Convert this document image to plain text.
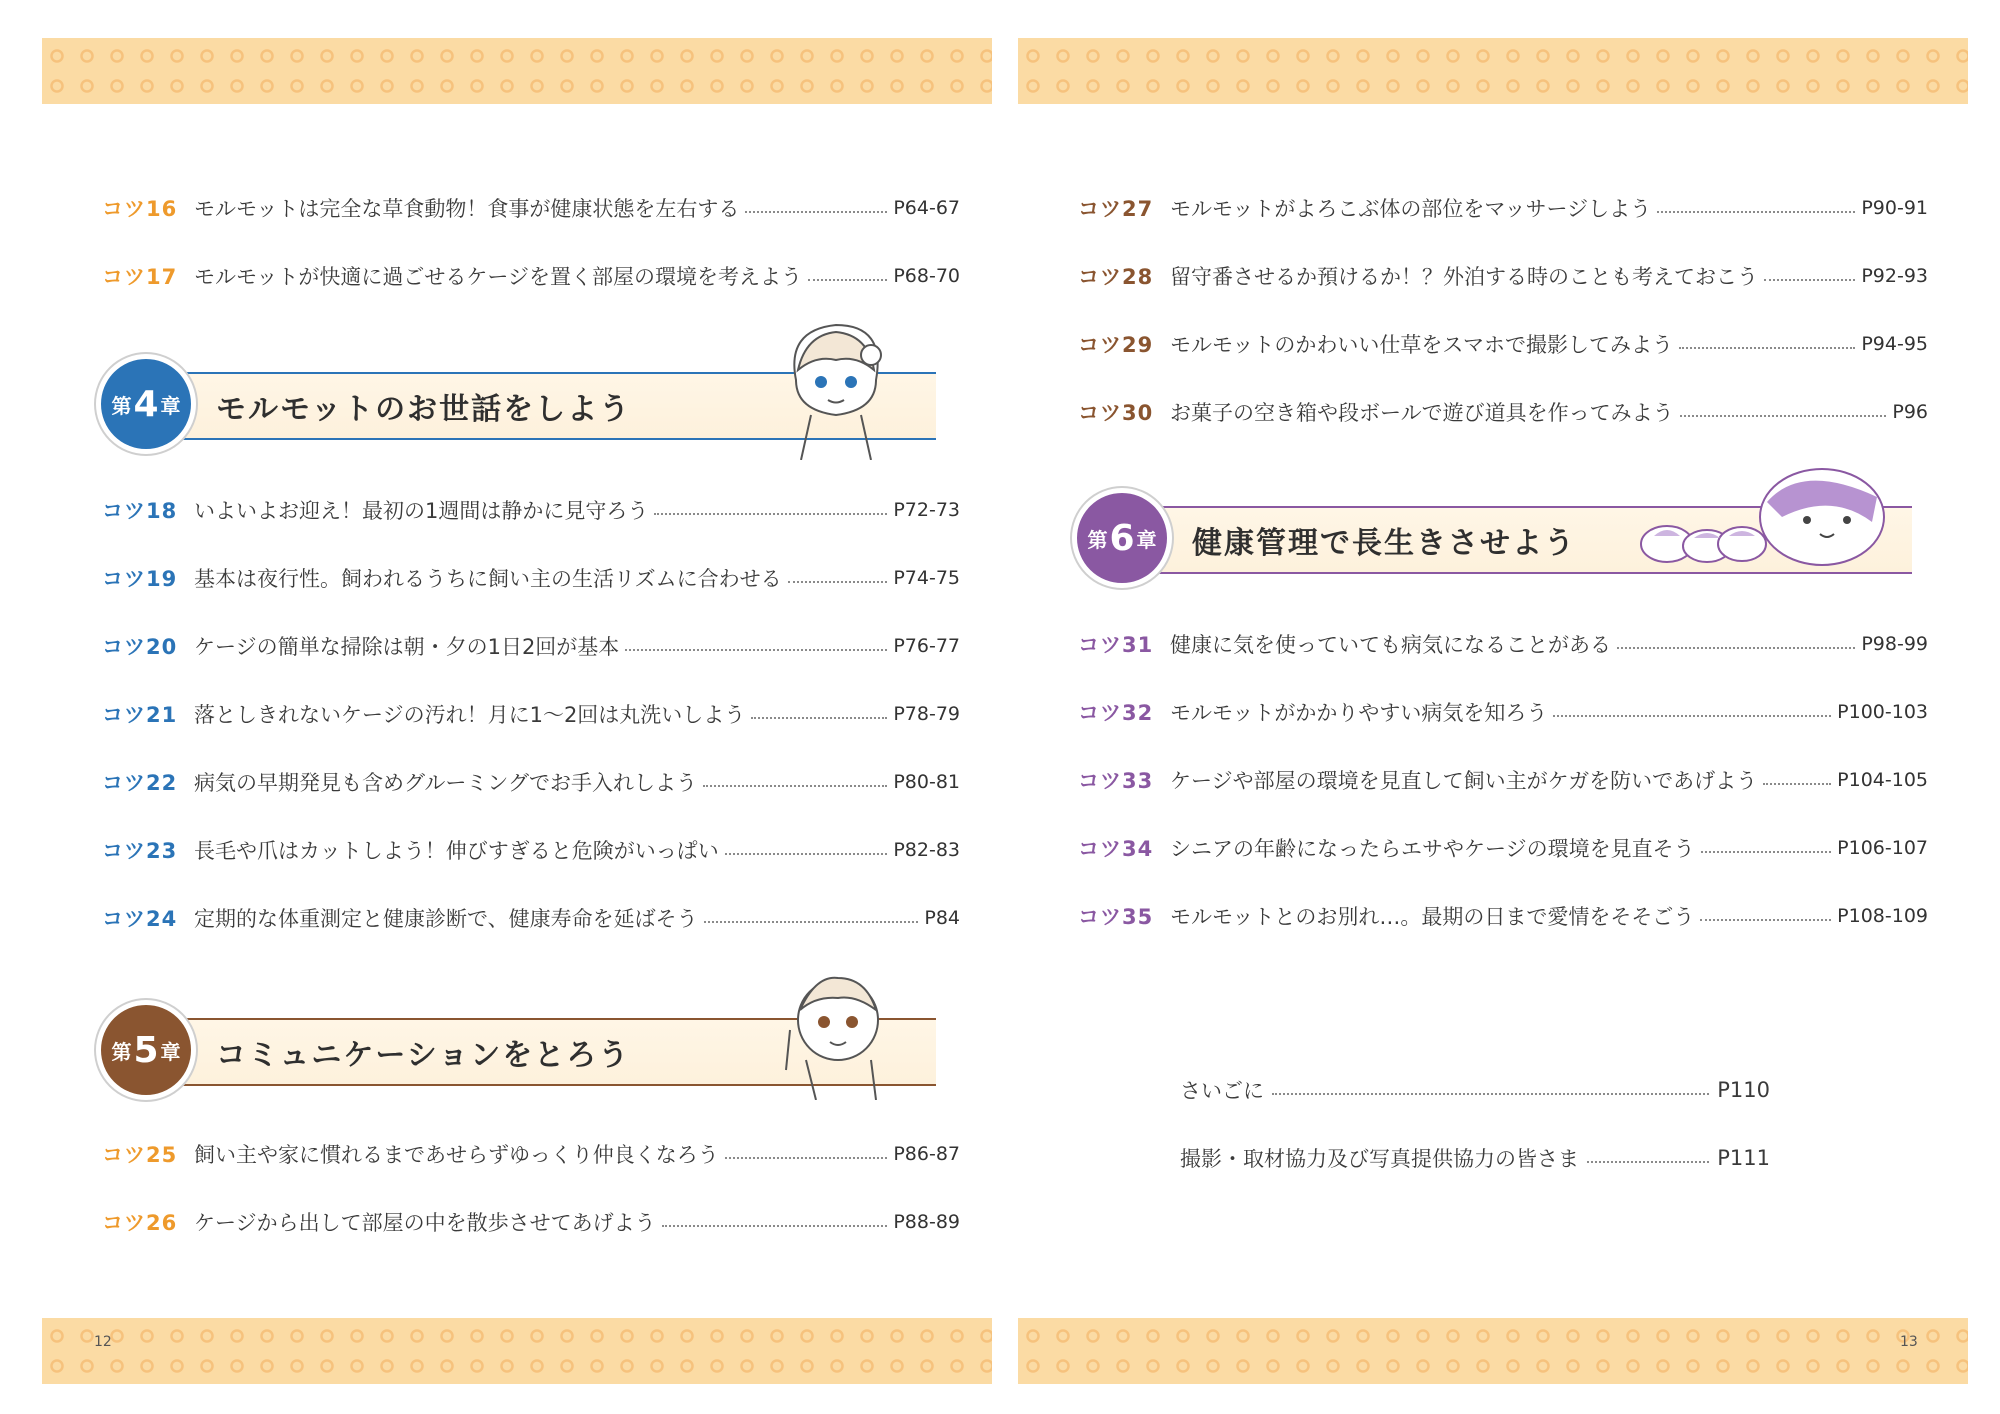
コツ16 モルモットは完全な草食動物！食事が健康状態を左右する	P64-67
コツ17 モルモットが快適に過ごせるケージを置く部屋の環境を考えよう	P68-70
第 4 章 モルモットのお世話をしよう
コツ18 いよいよお迎え！最初の1週間は静かに見守ろう	P72-73
コツ19 基本は夜行性。飼われるうちに飼い主の生活リズムに合わせる	P74-75
コツ20 ケージの簡単な掃除は朝・夕の1日2回が基本	P76-77
コツ21 落としきれないケージの汚れ！月に1〜2回は丸洗いしよう	P78-79
コツ22 病気の早期発見も含めグルーミングでお手入れしよう	P80-81
コツ23 長毛や爪はカットしよう！伸びすぎると危険がいっぱい	P82-83
コツ24 定期的な体重測定と健康診断で、健康寿命を延ばそう	P84
第 5 章 コミュニケーションをとろう
コツ25 飼い主や家に慣れるまであせらずゆっくり仲良くなろう	P86-87
コツ26 ケージから出して部屋の中を散歩させてあげよう	P88-89
12
コツ27 モルモットがよろこぶ体の部位をマッサージしよう	P90-91
コツ28 留守番させるか預けるか！？外泊する時のことも考えておこう	P92-93
コツ29 モルモットのかわいい仕草をスマホで撮影してみよう	P94-95
コツ30 お菓子の空き箱や段ボールで遊び道具を作ってみよう	P96
第 6 章 健康管理で長生きさせよう
コツ31 健康に気を使っていても病気になることがある	P98-99
コツ32 モルモットがかかりやすい病気を知ろう	P100-103
コツ33 ケージや部屋の環境を見直して飼い主がケガを防いであげよう	P104-105
コツ34 シニアの年齢になったらエサやケージの環境を見直そう	P106-107
コツ35 モルモットとのお別れ…。最期の日まで愛情をそそごう	P108-109
さいごに	P110
撮影・取材協力及び写真提供協力の皆さま	P111
13
